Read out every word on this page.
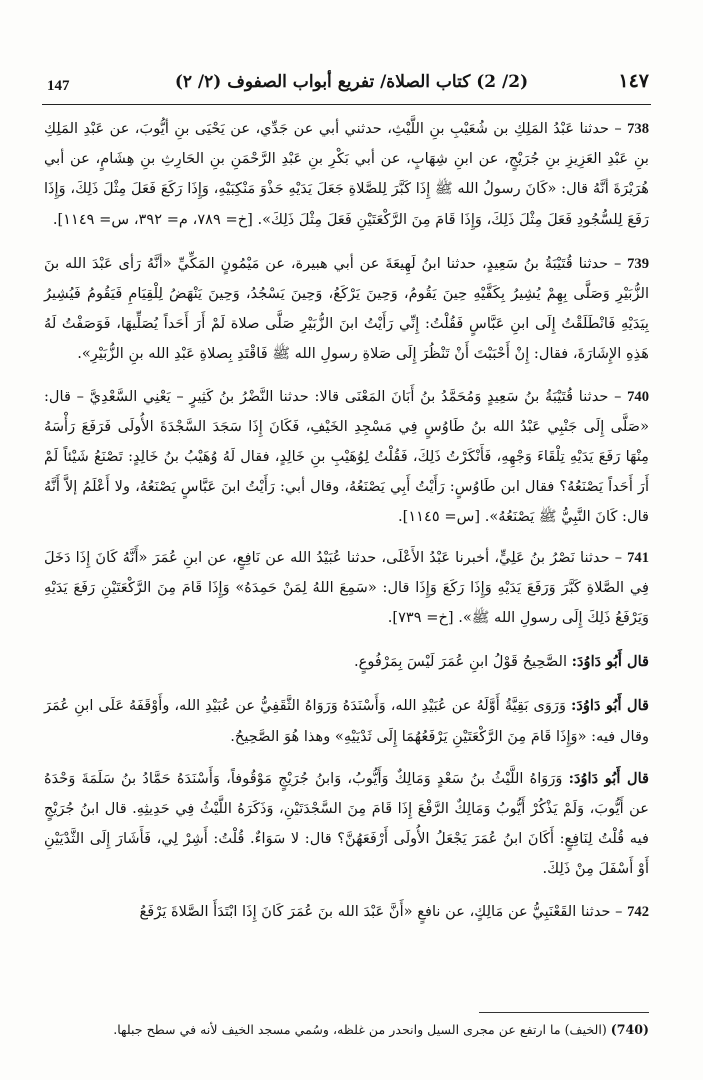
147	(2/ 2) كتاب الصلاة/ تفريع أبواب الصفوف (٢/ ٢)	١٤٧

738 – حدثنا عَبْدُ المَلِكِ بن شُعَيْبِ بنِ اللَّيْثِ، حدثني أبي عن جَدِّي، عن يَحْيَى بنِ أيُّوبَ، عن عَبْدِ المَلِكِ بنِ عَبْدِ العَزِيزِ بنِ جُرَيْجٍ، عن ابنِ شِهَابٍ، عن أبي بَكْرِ بنِ عَبْدِ الرَّحْمَنِ بنِ الحَارِثِ بنِ هِشَامٍ، عن أبي هُرَيْرَةَ أنَّهُ قال: «كَانَ رسولُ الله ﷺ إِذَا كَبَّرَ لِلصَّلاةِ جَعَلَ يَدَيْهِ حَذْوَ مَنْكِبَيْهِ، وَإِذَا رَكَعَ فَعَلَ مِثْلَ ذَلِكَ، وَإِذَا رَفَعَ لِلسُّجُودِ فَعَلَ مِثْلَ ذَلِكَ، وَإِذَا قَامَ مِنَ الرَّكْعَتَيْنِ فَعَلَ مِثْلَ ذَلِكَ». [خ= ٧٨٩، م= ٣٩٢، س= ١١٤٩].

739 – حدثنا قُتَيْبَةُ بنُ سَعِيدٍ، حدثنا ابنُ لَهِيعَةَ عن أبي هبيرة، عن مَيْمُونٍ المَكِّيِّ «أنَّهُ رَأى عَبْدَ الله بنَ الزُّبَيْرِ وَصَلَّى بِهِمْ يُشِيرُ بِكَفَّيْهِ حِينَ يَقُومُ، وَحِينَ يَرْكَعُ، وَحِينَ يَسْجُدُ، وَحِينَ يَنْهَضُ لِلْقِيَامِ فَيَقُومُ فَيُشِيرُ بِيَدَيْهِ فَانْطَلَقْتُ إِلَى ابنِ عَبَّاسٍ فَقُلْتُ: إِنِّي رَأَيْتُ ابنَ الزُّبَيْرِ صَلَّى صلاة لَمْ أَرَ أَحَداً يُصَلِّيهَا، فَوَصَفْتُ لَهُ هَذِهِ الإِشَارَةَ، فقال: إِنْ أَحْبَبْتَ أَنْ تَنْظُرَ إِلَى صَلاةِ رسولِ الله ﷺ فَاقْتَدِ بِصلاةِ عَبْدِ الله بنِ الزُّبَيْرِ».

740 – حدثنا قُتَيْبَةُ بنُ سَعِيدٍ وَمُحَمَّدُ بنُ أَبَانَ المَعْنَى قالا: حدثنا النَّضْرُ بنُ كَثِيرٍ – يَعْنِي السَّعْدِيَّ – قال: «صَلَّى إِلَى جَنْبِي عَبْدُ الله بنُ طَاوُسٍ فِي مَسْجِدِ الخَيْفِ، فَكَانَ إِذَا سَجَدَ السَّجْدَةَ الأُولَى فَرَفَعَ رَأْسَهُ مِنْهَا رَفَعَ يَدَيْهِ تِلْقَاءَ وَجْهِهِ، فَأَنْكَرْتُ ذَلِكَ، فَقُلْتُ لِوُهَيْبِ بنِ خَالِدٍ، فقال لَهُ وُهَيْبُ بنُ خَالِدٍ: تَصْنَعُ شَيْئاً لَمْ أَرَ أَحَداً يَصْنَعُهُ؟ فقال ابن طَاوُسٍ: رَأَيْتُ أَبِي يَصْنَعُهُ، وقال أبي: رَأَيْتُ ابنَ عَبَّاسٍ يَصْنَعُهُ، ولا أَعْلَمُ إلاَّ أَنَّهُ قال: كَانَ النَّبِيُّ ﷺ يَصْنَعُهُ». [س= ١١٤٥].

741 – حدثنا نَصْرُ بنُ عَلِيٍّ، أخبرنا عَبْدُ الأَعْلَى، حدثنا عُبَيْدُ الله عن نَافِعٍ، عن ابنِ عُمَرَ «أَنَّهُ كَانَ إِذَا دَخَلَ فِي الصَّلاةِ كَبَّرَ وَرَفَعَ يَدَيْهِ وَإِذَا رَكَعَ وَإِذَا قال: «سَمِعَ اللهُ لِمَنْ حَمِدَهُ» وَإِذَا قَامَ مِنَ الرَّكْعَتَيْنِ رَفَعَ يَدَيْهِ وَيَرْفَعُ ذَلِكَ إِلَى رسولِ الله ﷺ». [خ= ٧٣٩].

قال أَبُو دَاوُدَ: الصَّحِيحُ قَوْلُ ابنِ عُمَرَ لَيْسَ بِمَرْفُوعٍ.

قال أَبُو دَاوُدَ: وَرَوَى بَقِيَّةُ أَوَّلَهُ عن عُبَيْدِ الله، وَأَسْنَدَهُ وَرَوَاهُ الثَّقَفِيُّ عن عُبَيْدِ الله، وأَوْقَفَهُ عَلَى ابنِ عُمَرَ وقال فيه: «وَإِذَا قَامَ مِنَ الرَّكْعَتَيْنِ يَرْفَعُهُمَا إِلَى ثَدْيَيْهِ» وهذا هُوَ الصَّحِيحُ.

قال أَبُو دَاوُدَ: وَرَوَاهُ اللَّيْثُ بنُ سَعْدٍ وَمَالِكٌ وَأَيُّوبُ، وَابنُ جُرَيْجٍ مَوْقُوفاً، وَأَسْنَدَهُ حَمَّادُ بنُ سَلَمَةَ وَحْدَهُ عن أَيُّوبَ، وَلَمْ يَذْكُرْ أَيُّوبُ وَمَالِكٌ الرَّفْعَ إِذَا قَامَ مِنَ السَّجْدَتَيْنِ، وَذَكَرَهُ اللَّيْثُ فِي حَدِيثِهِ. قال ابنُ جُرَيْجٍ فيه قُلْتُ لِنَافِعٍ: أَكَانَ ابنُ عُمَرَ يَجْعَلُ الأُولَى أَرْفَعَهُنَّ؟ قال: لا سَوَاءٌ. قُلْتُ: أَشِرْ لِي، فَأَشَارَ إِلَى الثَّدْيَيْنِ أَوْ أَسْفَلَ مِنْ ذَلِكَ.

742 – حدثنا القَعْنَبِيُّ عن مَالِكٍ، عن نافعٍ «أَنَّ عَبْدَ الله بنَ عُمَرَ كَانَ إِذَا ابْتَدَأَ الصَّلاةَ يَرْفَعُ

(740) (الخيف) ما ارتفع عن مجرى السيل وانحدر من غلظه، وسُمي مسجد الخيف لأنه في سطح جبلها.
